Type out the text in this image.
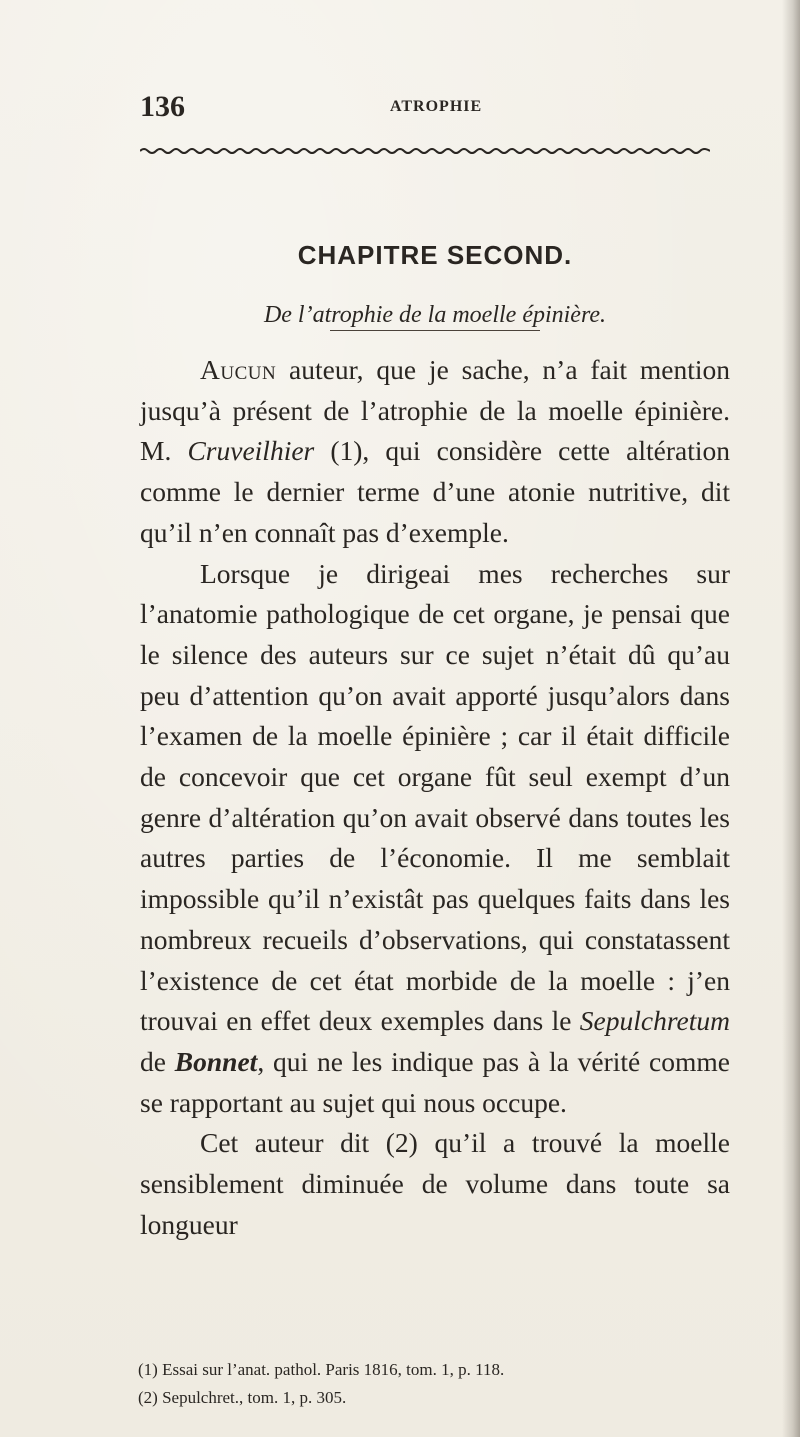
136	ATROPHIE
CHAPITRE SECOND.
De l’atrophie de la moelle épinière.

Aucun auteur, que je sache, n’a fait mention jusqu’à présent de l’atrophie de la moelle épinière. M. Cruveilhier (1), qui considère cette altération comme le dernier terme d’une atonie nutritive, dit qu’il n’en connaît pas d’exemple.

Lorsque je dirigeai mes recherches sur l’anatomie pathologique de cet organe, je pensai que le silence des auteurs sur ce sujet n’était dû qu’au peu d’attention qu’on avait apporté jusqu’alors dans l’examen de la moelle épinière ; car il était difficile de concevoir que cet organe fût seul exempt d’un genre d’altération qu’on avait observé dans toutes les autres parties de l’économie. Il me semblait impossible qu’il n’existât pas quelques faits dans les nombreux recueils d’observations, qui constatassent l’existence de cet état morbide de la moelle : j’en trouvai en effet deux exemples dans le Sepulchretum de Bonnet, qui ne les indique pas à la vérité comme se rapportant au sujet qui nous occupe.

Cet auteur dit (2) qu’il a trouvé la moelle sensiblement diminuée de volume dans toute sa longueur

(1) Essai sur l’anat. pathol. Paris 1816, tom. 1, p. 118.
(2) Sepulchret., tom. 1, p. 305.
